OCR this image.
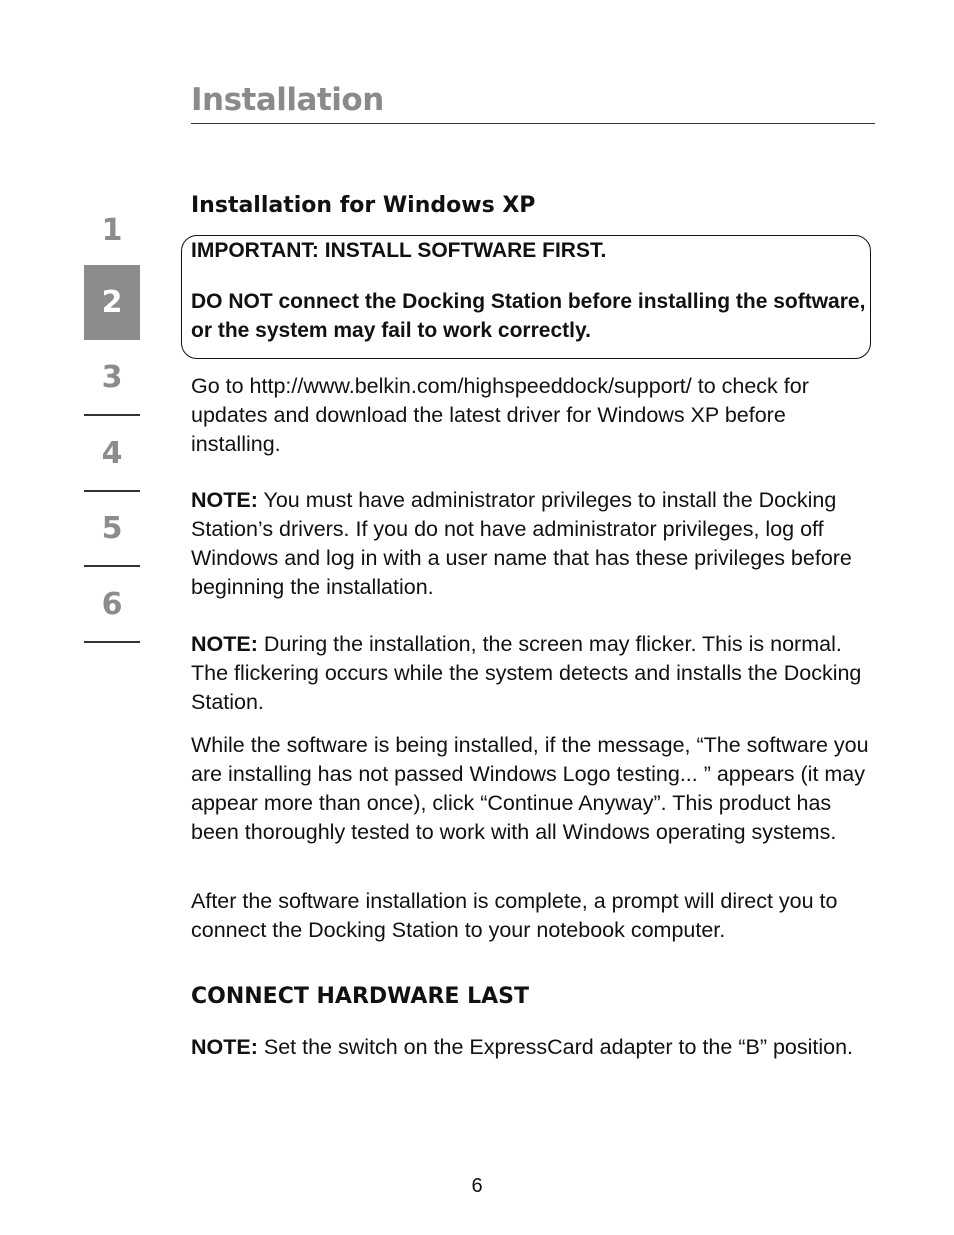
Installation
1
2
3
4
5
6
Installation for Windows XP

IMPORTANT: INSTALL SOFTWARE FIRST.

DO NOT connect the Docking Station before installing the software, or the system may fail to work correctly.

Go to http://www.belkin.com/highspeeddock/support/ to check for updates and download the latest driver for Windows XP before installing.

NOTE: You must have administrator privileges to install the Docking Station’s drivers. If you do not have administrator privileges, log off Windows and log in with a user name that has these privileges before beginning the installation.

NOTE: During the installation, the screen may flicker. This is normal. The flickering occurs while the system detects and installs the Docking Station.

While the software is being installed, if the message, “The software you are installing has not passed Windows Logo testing... ” appears (it may appear more than once), click “Continue Anyway”. This product has been thoroughly tested to work with all Windows operating systems.

After the software installation is complete, a prompt will direct you to connect the Docking Station to your notebook computer.

CONNECT HARDWARE LAST

NOTE: Set the switch on the ExpressCard adapter to the “B” position.

6
